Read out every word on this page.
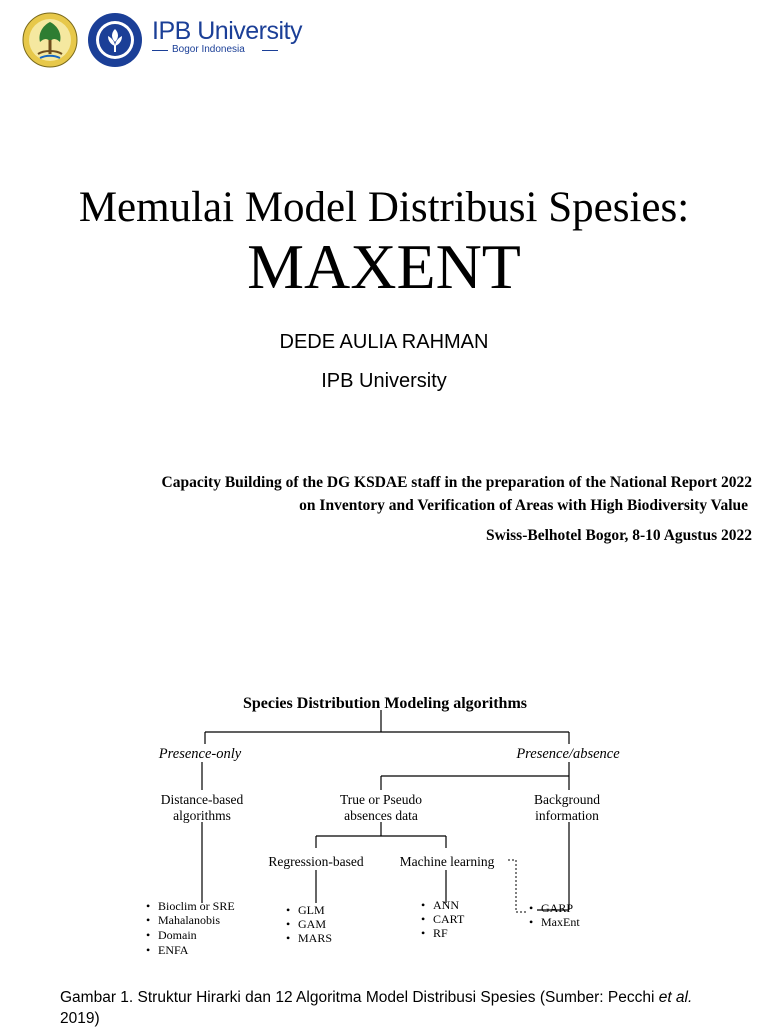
IPB University
Bogor Indonesia
Memulai Model Distribusi Spesies:
MAXENT
DEDE AULIA RAHMAN
IPB University
Capacity Building of the DG KSDAE staff in the preparation of the National Report 2022
on Inventory and Verification of Areas with High Biodiversity Value
Swiss-Belhotel Bogor, 8-10 Agustus 2022
Species Distribution Modeling algorithms
Presence-only	Presence/absence
Distance-based
algorithms
True or Pseudo
absences data
Background
information
Regression-based	Machine learning
• Bioclim or SRE
• Mahalanobis
• Domain
• ENFA
• GLM
• GAM
• MARS
• ANN
• CART
• RF
• GARP
• MaxEnt
Gambar 1. Struktur Hirarki dan 12 Algoritma Model Distribusi Spesies (Sumber: Pecchi et al. 2019)
